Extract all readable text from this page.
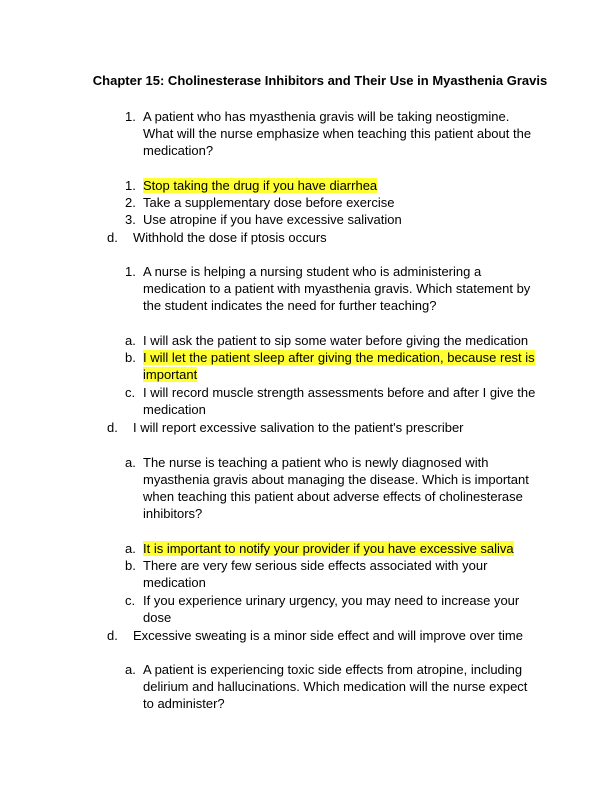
Chapter 15: Cholinesterase Inhibitors and Their Use in Myasthenia Gravis
1. A patient who has myasthenia gravis will be taking neostigmine.
What will the nurse emphasize when teaching this patient about the
medication?
1. Stop taking the drug if you have diarrhea
2. Take a supplementary dose before exercise
3. Use atropine if you have excessive salivation
d. Withhold the dose if ptosis occurs
1. A nurse is helping a nursing student who is administering a
medication to a patient with myasthenia gravis. Which statement by
the student indicates the need for further teaching?
a. I will ask the patient to sip some water before giving the medication
b. I will let the patient sleep after giving the medication, because rest is
important
c. I will record muscle strength assessments before and after I give the
medication
d. I will report excessive salivation to the patient's prescriber
a. The nurse is teaching a patient who is newly diagnosed with
myasthenia gravis about managing the disease. Which is important
when teaching this patient about adverse effects of cholinesterase
inhibitors?
a. It is important to notify your provider if you have excessive saliva
b. There are very few serious side effects associated with your
medication
c. If you experience urinary urgency, you may need to increase your
dose
d. Excessive sweating is a minor side effect and will improve over time
a. A patient is experiencing toxic side effects from atropine, including
delirium and hallucinations. Which medication will the nurse expect
to administer?
